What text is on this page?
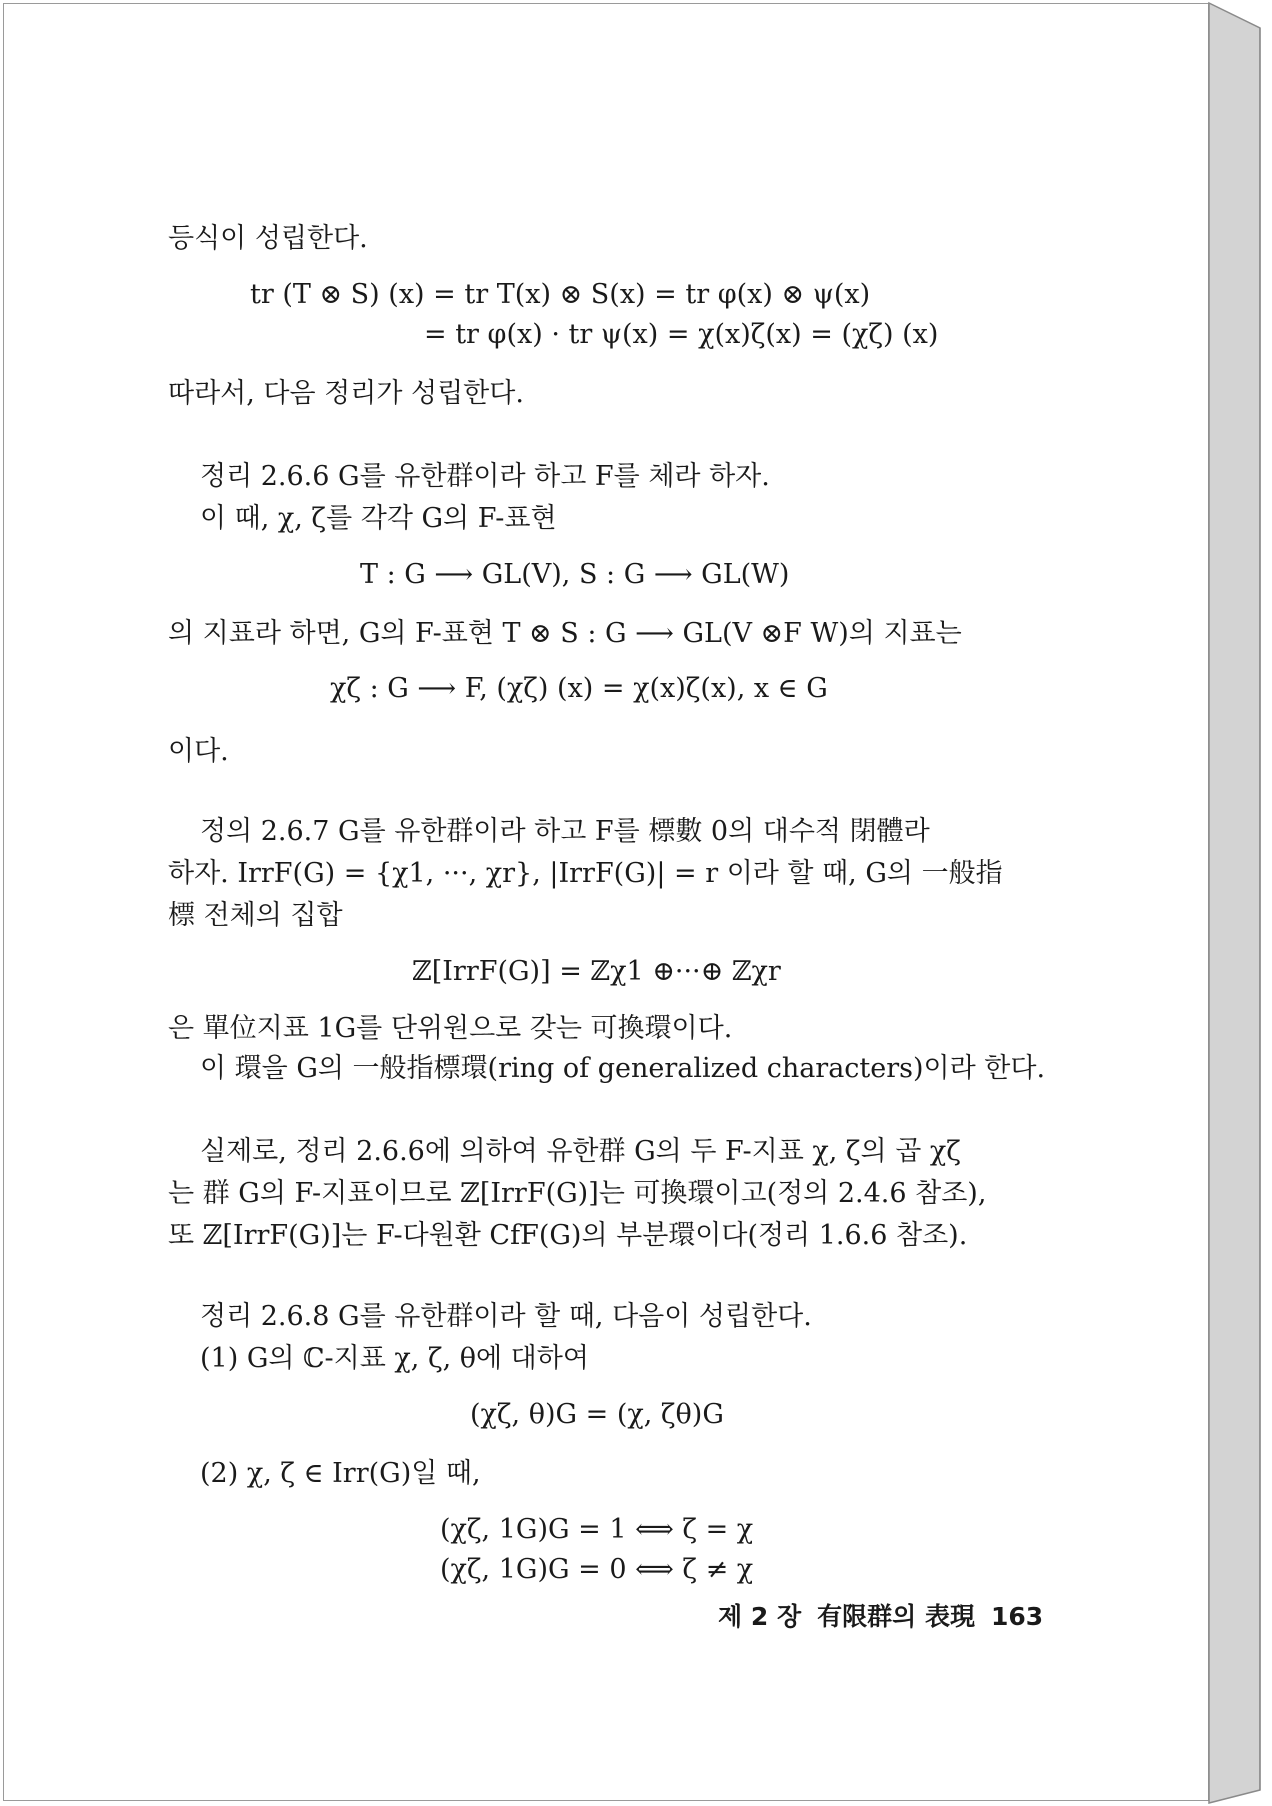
등식이 성립한다.
tr (T ⊗ S) (x) = tr T(x) ⊗ S(x) = tr φ(x) ⊗ ψ(x)
= tr φ(x) · tr ψ(x) = χ(x)ζ(x) = (χζ) (x)
따라서, 다음 정리가 성립한다.
정리 2.6.6 G를 유한群이라 하고 F를 체라 하자.
이 때, χ, ζ를 각각 G의 F-표현
T : G ⟶ GL(V), S : G ⟶ GL(W)
의 지표라 하면, G의 F-표현 T ⊗ S : G ⟶ GL(V ⊗F W)의 지표는
χζ : G ⟶ F, (χζ) (x) = χ(x)ζ(x), x ∈ G
이다.
정의 2.6.7 G를 유한群이라 하고 F를 標數 0의 대수적 閉體라
하자. IrrF(G) = {χ1, ···, χr}, |IrrF(G)| = r 이라 할 때, G의 一般指
標 전체의 집합
ℤ[IrrF(G)] = ℤχ1 ⊕···⊕ ℤχr
은 單位지표 1G를 단위원으로 갖는 可換環이다.
이 環을 G의 一般指標環(ring of generalized characters)이라 한다.
실제로, 정리 2.6.6에 의하여 유한群 G의 두 F-지표 χ, ζ의 곱 χζ
는 群 G의 F-지표이므로 ℤ[IrrF(G)]는 可換環이고(정의 2.4.6 참조),
또 ℤ[IrrF(G)]는 F-다원환 CfF(G)의 부분環이다(정리 1.6.6 참조).
정리 2.6.8 G를 유한群이라 할 때, 다음이 성립한다.
(1) G의 ℂ-지표 χ, ζ, θ에 대하여
(χζ, θ)G = (χ, ζθ)G
(2) χ, ζ ∈ Irr(G)일 때,
(χζ, 1G)G = 1 ⟺ ζ = χ
(χζ, 1G)G = 0 ⟺ ζ ≠ χ
제 2 장 有限群의 表現 163
